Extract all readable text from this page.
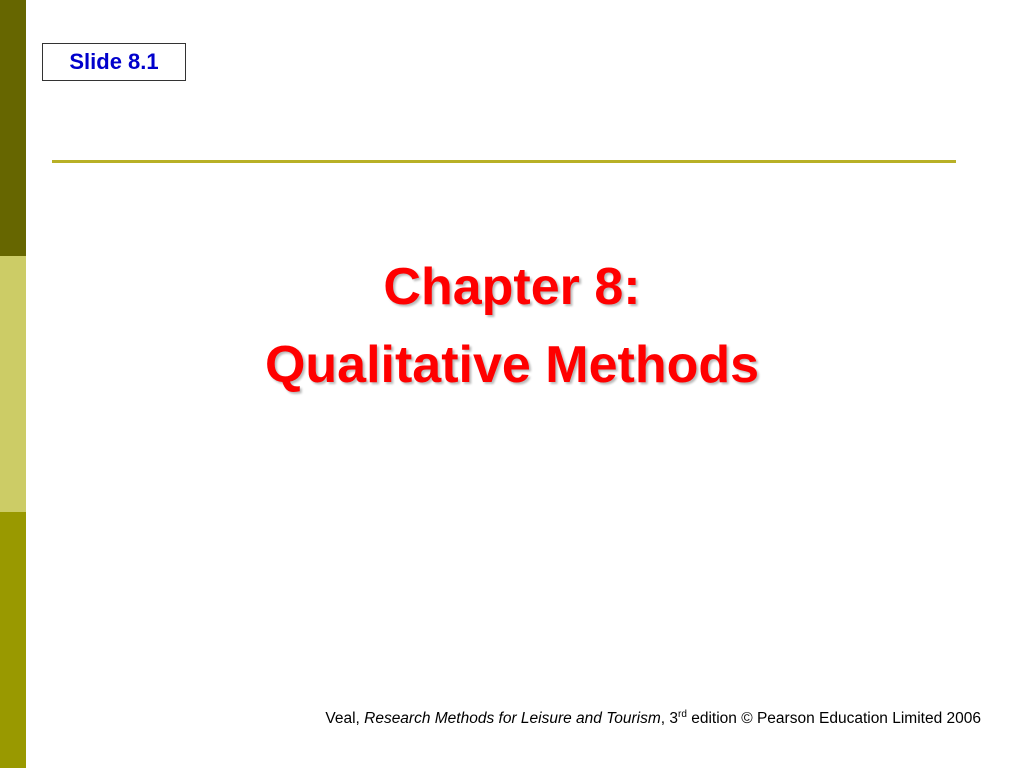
Slide 8.1
Chapter 8:
Qualitative Methods
Veal, Research Methods for Leisure and Tourism, 3rd edition © Pearson Education Limited 2006
